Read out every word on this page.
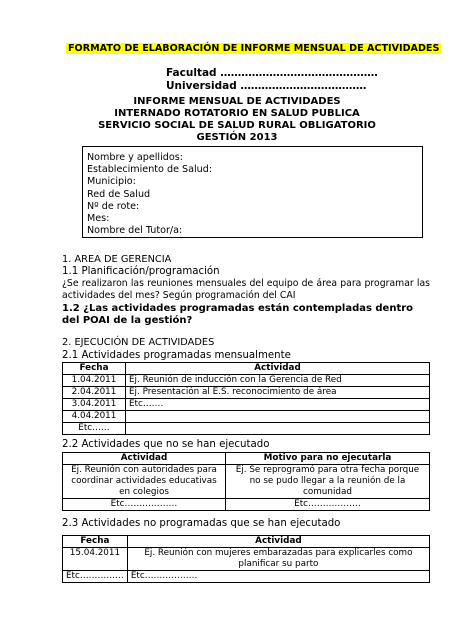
FORMATO DE ELABORACIÓN DE INFORME MENSUAL DE ACTIVIDADES
Facultad ………………………………………
Universidad ………………………………
INFORME MENSUAL DE ACTIVIDADES
INTERNADO ROTATORIO EN SALUD PUBLICA
SERVICIO SOCIAL DE SALUD RURAL OBLIGATORIO
GESTIÓN 2013
Nombre y apellidos:
Establecimiento de Salud:
Municipio:
Red de Salud
Nº de rote:
Mes:
Nombre del Tutor/a:
1. AREA DE GERENCIA
1.1 Planificación/programación
¿Se realizaron las reuniones mensuales del equipo de área para programar las actividades del mes? Según programación del CAI
1.2 ¿Las actividades programadas están contempladas dentro del POAI de la gestión?
2. EJECUCIÓN DE ACTIVIDADES
2.1 Actividades programadas mensualmente
Fecha	Actividad
1.04.2011	Ej. Reunión de inducción con la Gerencia de Red
2.04.2011	Ej. Presentación al E.S. reconocimiento de área
3.04.2011	Etc…….
4.04.2011	
Etc……	
2.2 Actividades que no se han ejecutado
Actividad	Motivo para no ejecutarla
Ej. Reunión con autoridades para coordinar actividades educativas en colegios	Ej. Se reprogramó para otra fecha porque no se pudo llegar a la reunión de la comunidad
Etc………………	Etc………………
2.3 Actividades no programadas que se han ejecutado
Fecha	Actividad
15.04.2011	Ej. Reunión con mujeres embarazadas para explicarles como planificar su parto
Etc……………	Etc………………
